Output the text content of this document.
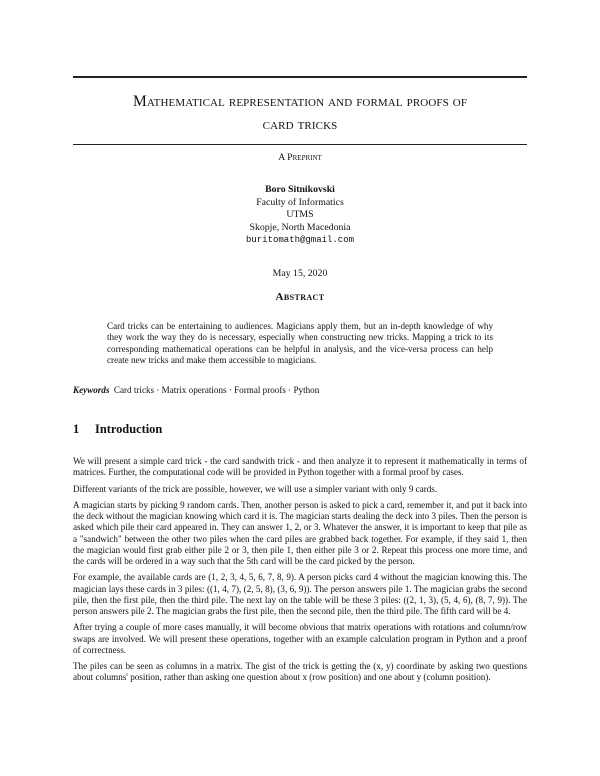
Mathematical representation and formal proofs of
card tricks
A Preprint
Boro Sitnikovski
Faculty of Informatics
UTMS
Skopje, North Macedonia
buritomath@gmail.com
May 15, 2020
Abstract
Card tricks can be entertaining to audiences. Magicians apply them, but an in-depth knowledge of why they work the way they do is necessary, especially when constructing new tricks. Mapping a trick to its corresponding mathematical operations can be helpful in analysis, and the vice-versa process can help create new tricks and make them accessible to magicians.
Keywords Card tricks · Matrix operations · Formal proofs · Python
1 Introduction

We will present a simple card trick - the card sandwith trick - and then analyze it to represent it mathematically in terms of matrices. Further, the computational code will be provided in Python together with a formal proof by cases.

Different variants of the trick are possible, however, we will use a simpler variant with only 9 cards.

A magician starts by picking 9 random cards. Then, another person is asked to pick a card, remember it, and put it back into the deck without the magician knowing which card it is. The magician starts dealing the deck into 3 piles. Then the person is asked which pile their card appeared in. They can answer 1, 2, or 3. Whatever the answer, it is important to keep that pile as a "sandwich" between the other two piles when the card piles are grabbed back together. For example, if they said 1, then the magician would first grab either pile 2 or 3, then pile 1, then either pile 3 or 2. Repeat this process one more time, and the cards will be ordered in a way such that the 5th card will be the card picked by the person.

For example, the available cards are (1, 2, 3, 4, 5, 6, 7, 8, 9). A person picks card 4 without the magician knowing this. The magician lays these cards in 3 piles: ((1, 4, 7), (2, 5, 8), (3, 6, 9)). The person answers pile 1. The magician grabs the second pile, then the first pile, then the third pile. The next lay on the table will be these 3 piles: ((2, 1, 3), (5, 4, 6), (8, 7, 9)). The person answers pile 2. The magician grabs the first pile, then the second pile, then the third pile. The fifth card will be 4.

After trying a couple of more cases manually, it will become obvious that matrix operations with rotations and column/row swaps are involved. We will present these operations, together with an example calculation program in Python and a proof of correctness.

The piles can be seen as columns in a matrix. The gist of the trick is getting the (x, y) coordinate by asking two questions about columns' position, rather than asking one question about x (row position) and one about y (column position).
